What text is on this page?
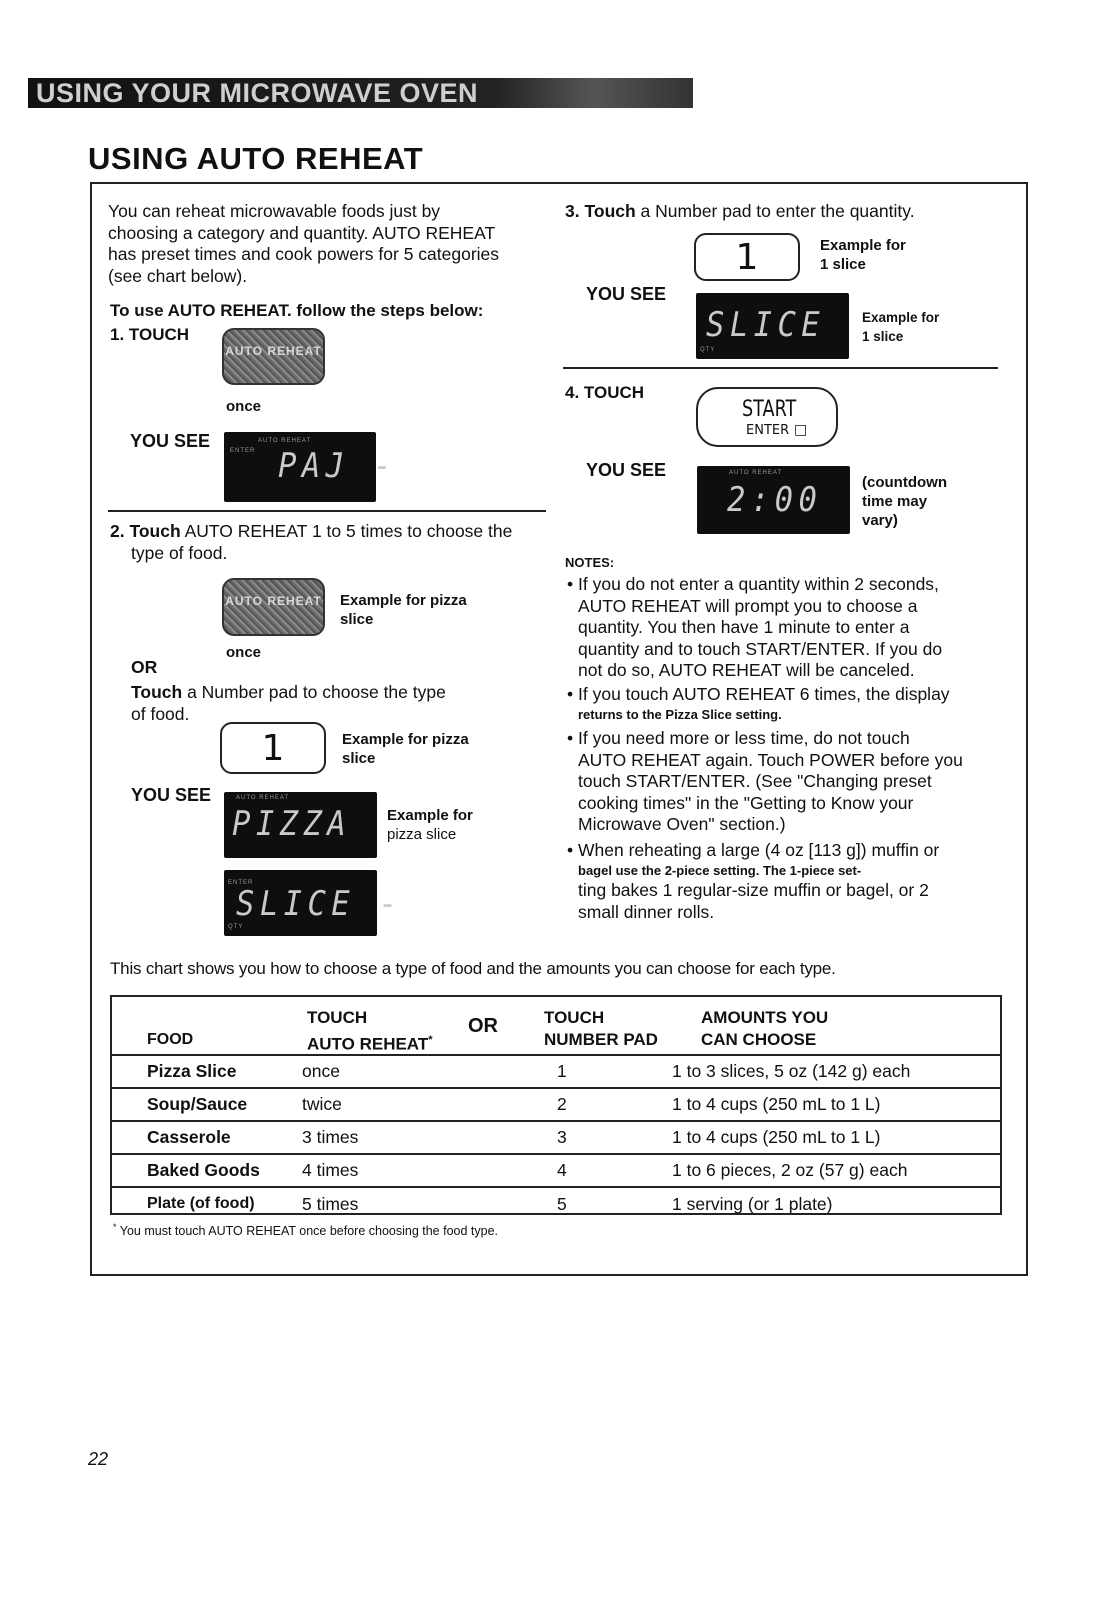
USING YOUR MICROWAVE OVEN
USING AUTO REHEAT
You can reheat microwavable foods just by
choosing a category and quantity. AUTO REHEAT
has preset times and cook powers for 5 categories
(see chart below).
To use AUTO REHEAT. follow the steps below:
1. TOUCH
AUTO REHEAT
once
YOU SEE	ENTER
AUTO REHEAT
PAJ -
2. Touch AUTO REHEAT 1 to 5 times to choose the
type of food.
AUTO REHEAT Example for pizza
slice
once
OR
Touch a Number pad to choose the type
of food.
1	Example for pizza
slice
YOU SEE	AUTO REHEAT
PIZZA Example for
pizza slice
ENTER
QTY
SLICE -
3. Touch a Number pad to enter the quantity.
1	Example for
1 slice
YOU SEE
QTY
SLICE	Example for
1 slice
4. TOUCH
START
ENTER □
YOU SEE	AUTO REHEAT
2:00	(countdown
time may
vary)
NOTES:
• If you do not enter a quantity within 2 seconds,
AUTO REHEAT will prompt you to choose a
quantity. You then have 1 minute to enter a
quantity and to touch START/ENTER. If you do
not do so, AUTO REHEAT will be canceled.
• If you touch AUTO REHEAT 6 times, the display
returns to the Pizza Slice setting.
• If you need more or less time, do not touch
AUTO REHEAT again. Touch POWER before you
touch START/ENTER. (See "Changing preset
cooking times" in the "Getting to Know your
Microwave Oven" section.)
• When reheating a large (4 oz [113 g]) muffin or
bagel use the 2-piece setting. The 1-piece set-
ting bakes 1 regular-size muffin or bagel, or 2
small dinner rolls.
This chart shows you how to choose a type of food and the amounts you can choose for each type.
FOOD
TOUCH
AUTO REHEAT*
OR	TOUCH
NUMBER PAD
AMOUNTS YOU
CAN CHOOSE
Pizza Slice	once	1	1 to 3 slices, 5 oz (142 g) each
Soup/Sauce	twice	2	1 to 4 cups (250 mL to 1 L)
Casserole	3 times	3	1 to 4 cups (250 mL to 1 L)
Baked Goods	4 times	4	1 to 6 pieces, 2 oz (57 g) each
Plate (of food)	5 times	5	1 serving (or 1 plate)
* You must touch AUTO REHEAT once before choosing the food type.
22
